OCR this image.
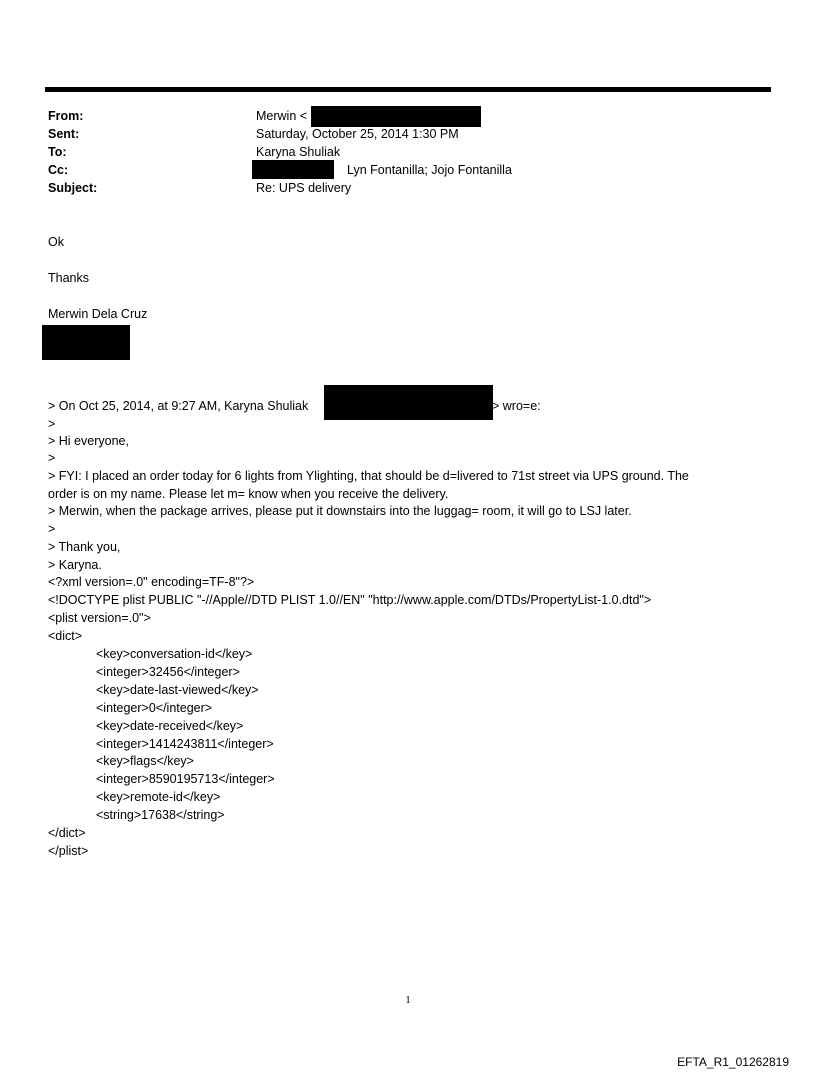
From:	Merwin <
Sent:	Saturday, October 25, 2014 1:30 PM
To:	Karyna Shuliak
Cc:	Lyn Fontanilla; Jojo Fontanilla
Subject:	Re: UPS delivery
Ok
Thanks
Merwin Dela Cruz
> On Oct 25, 2014, at 9:27 AM, Karyna Shuliak	> wro=e:
>
> Hi everyone,
>
> FYI: I placed an order today for 6 lights from Ylighting, that should be d=livered to 71st street via UPS ground. The
order is on my name. Please let m= know when you receive the delivery.
> Merwin, when the package arrives, please put it downstairs into the luggag= room, it will go to LSJ later.
>
> Thank you,
> Karyna.
<?xml version=.0" encoding=TF-8"?>
<!DOCTYPE plist PUBLIC "-//Apple//DTD PLIST 1.0//EN" "http://www.apple.com/DTDs/PropertyList-1.0.dtd">
<plist version=.0">
<dict>
<key>conversation-id</key>
<integer>32456</integer>
<key>date-last-viewed</key>
<integer>0</integer>
<key>date-received</key>
<integer>1414243811</integer>
<key>flags</key>
<integer>8590195713</integer>
<key>remote-id</key>
<string>17638</string>
</dict>
</plist>
1
EFTA_R1_01262819
